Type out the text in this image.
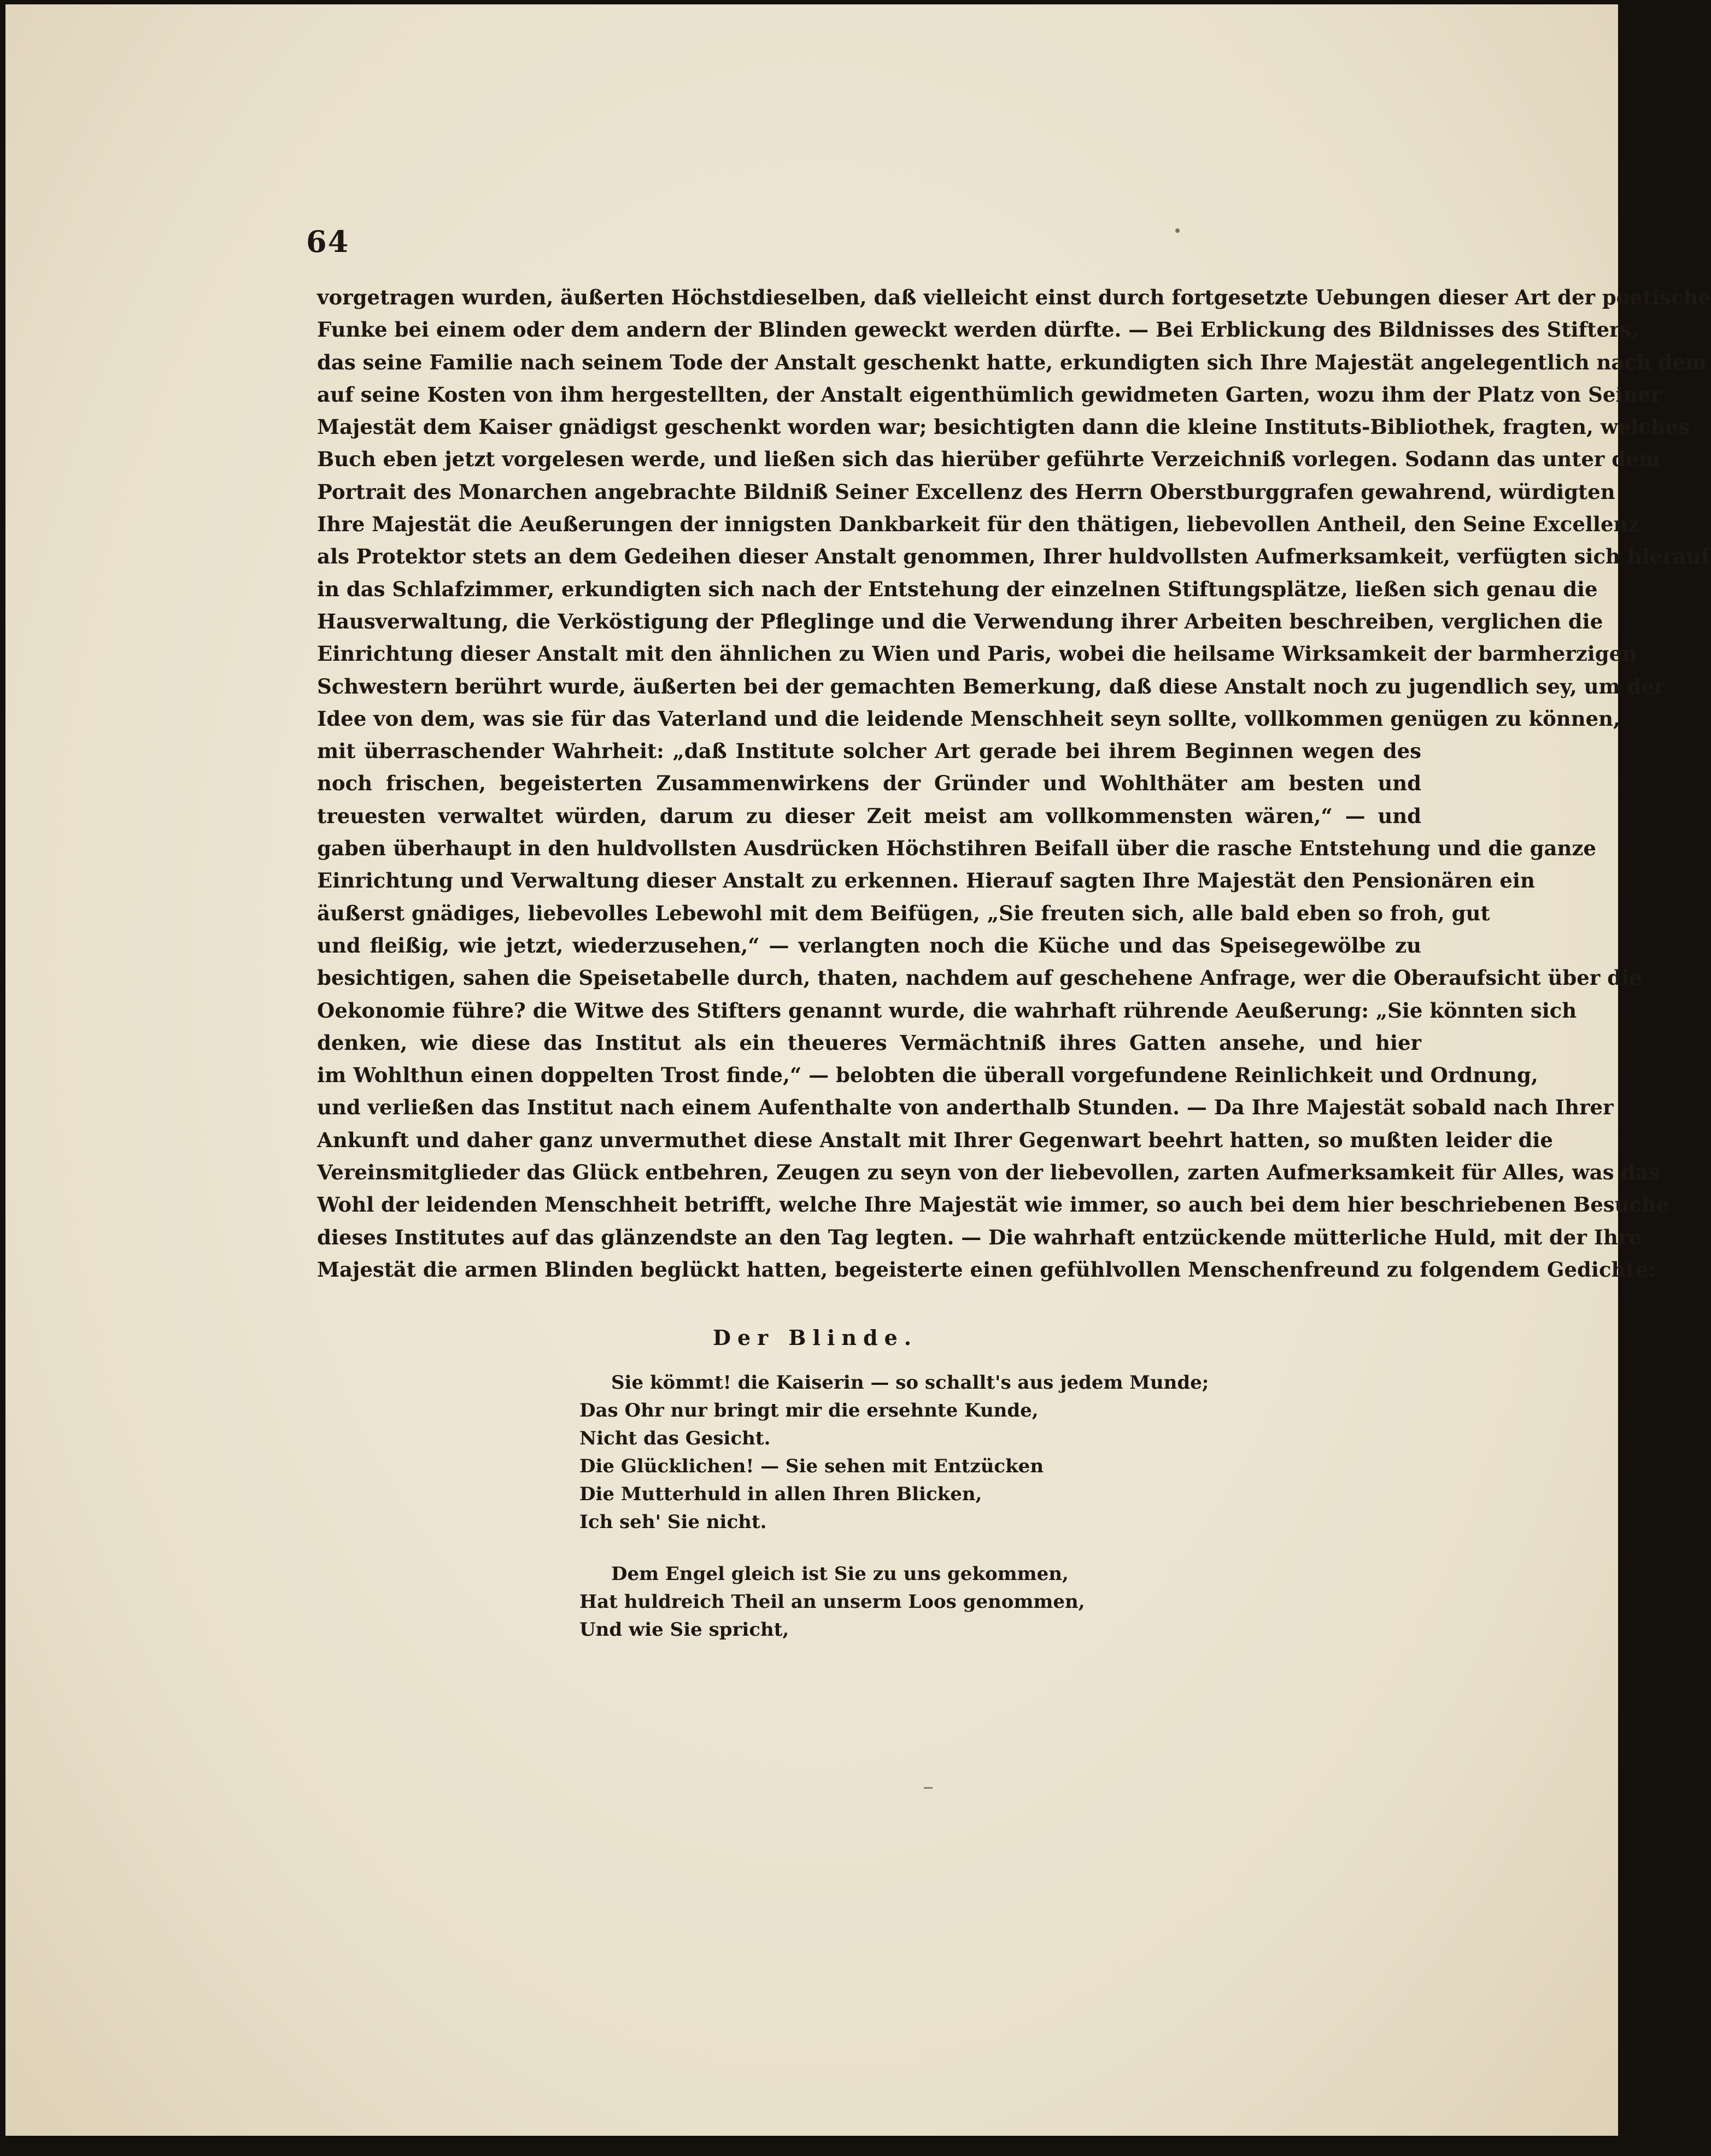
64
vorgetragen wurden, äußerten Höchstdieselben, daß vielleicht einst durch fortgesetzte Uebungen dieser Art der poetische
Funke bei einem oder dem andern der Blinden geweckt werden dürfte. — Bei Erblickung des Bildnisses des Stifters,
das seine Familie nach seinem Tode der Anstalt geschenkt hatte, erkundigten sich Ihre Majestät angelegentlich nach dem
auf seine Kosten von ihm hergestellten, der Anstalt eigenthümlich gewidmeten Garten, wozu ihm der Platz von Seiner
Majestät dem Kaiser gnädigst geschenkt worden war; besichtigten dann die kleine Instituts-Bibliothek, fragten, welches
Buch eben jetzt vorgelesen werde, und ließen sich das hierüber geführte Verzeichniß vorlegen. Sodann das unter dem
Portrait des Monarchen angebrachte Bildniß Seiner Excellenz des Herrn Oberstburggrafen gewahrend, würdigten
Ihre Majestät die Aeußerungen der innigsten Dankbarkeit für den thätigen, liebevollen Antheil, den Seine Excellenz
als Protektor stets an dem Gedeihen dieser Anstalt genommen, Ihrer huldvollsten Aufmerksamkeit, verfügten sich hierauf
in das Schlafzimmer, erkundigten sich nach der Entstehung der einzelnen Stiftungsplätze, ließen sich genau die
Hausverwaltung, die Verköstigung der Pfleglinge und die Verwendung ihrer Arbeiten beschreiben, verglichen die
Einrichtung dieser Anstalt mit den ähnlichen zu Wien und Paris, wobei die heilsame Wirksamkeit der barmherzigen
Schwestern berührt wurde, äußerten bei der gemachten Bemerkung, daß diese Anstalt noch zu jugendlich sey, um der
Idee von dem, was sie für das Vaterland und die leidende Menschheit seyn sollte, vollkommen genügen zu können,
mit überraschender Wahrheit: „daß Institute solcher Art gerade bei ihrem Beginnen wegen des
noch frischen, begeisterten Zusammenwirkens der Gründer und Wohlthäter am besten und
treuesten verwaltet würden, darum zu dieser Zeit meist am vollkommensten wären,“ — und
gaben überhaupt in den huldvollsten Ausdrücken Höchstihren Beifall über die rasche Entstehung und die ganze
Einrichtung und Verwaltung dieser Anstalt zu erkennen. Hierauf sagten Ihre Majestät den Pensionären ein
äußerst gnädiges, liebevolles Lebewohl mit dem Beifügen, „Sie freuten sich, alle bald eben so froh, gut
und fleißig, wie jetzt, wiederzusehen,“ — verlangten noch die Küche und das Speisegewölbe zu
besichtigen, sahen die Speisetabelle durch, thaten, nachdem auf geschehene Anfrage, wer die Oberaufsicht über die
Oekonomie führe? die Witwe des Stifters genannt wurde, die wahrhaft rührende Aeußerung: „Sie könnten sich
denken, wie diese das Institut als ein theueres Vermächtniß ihres Gatten ansehe, und hier
im Wohlthun einen doppelten Trost finde,“ — belobten die überall vorgefundene Reinlichkeit und Ordnung,
und verließen das Institut nach einem Aufenthalte von anderthalb Stunden. — Da Ihre Majestät sobald nach Ihrer
Ankunft und daher ganz unvermuthet diese Anstalt mit Ihrer Gegenwart beehrt hatten, so mußten leider die
Vereinsmitglieder das Glück entbehren, Zeugen zu seyn von der liebevollen, zarten Aufmerksamkeit für Alles, was das
Wohl der leidenden Menschheit betrifft, welche Ihre Majestät wie immer, so auch bei dem hier beschriebenen Besuche
dieses Institutes auf das glänzendste an den Tag legten. — Die wahrhaft entzückende mütterliche Huld, mit der Ihre
Majestät die armen Blinden beglückt hatten, begeisterte einen gefühlvollen Menschenfreund zu folgendem Gedichte:
Der Blinde.
Sie kömmt! die Kaiserin — so schallt's aus jedem Munde;
Das Ohr nur bringt mir die ersehnte Kunde,
Nicht das Gesicht.
Die Glücklichen! — Sie sehen mit Entzücken
Die Mutterhuld in allen Ihren Blicken,
Ich seh' Sie nicht.
Dem Engel gleich ist Sie zu uns gekommen,
Hat huldreich Theil an unserm Loos genommen,
Und wie Sie spricht,
